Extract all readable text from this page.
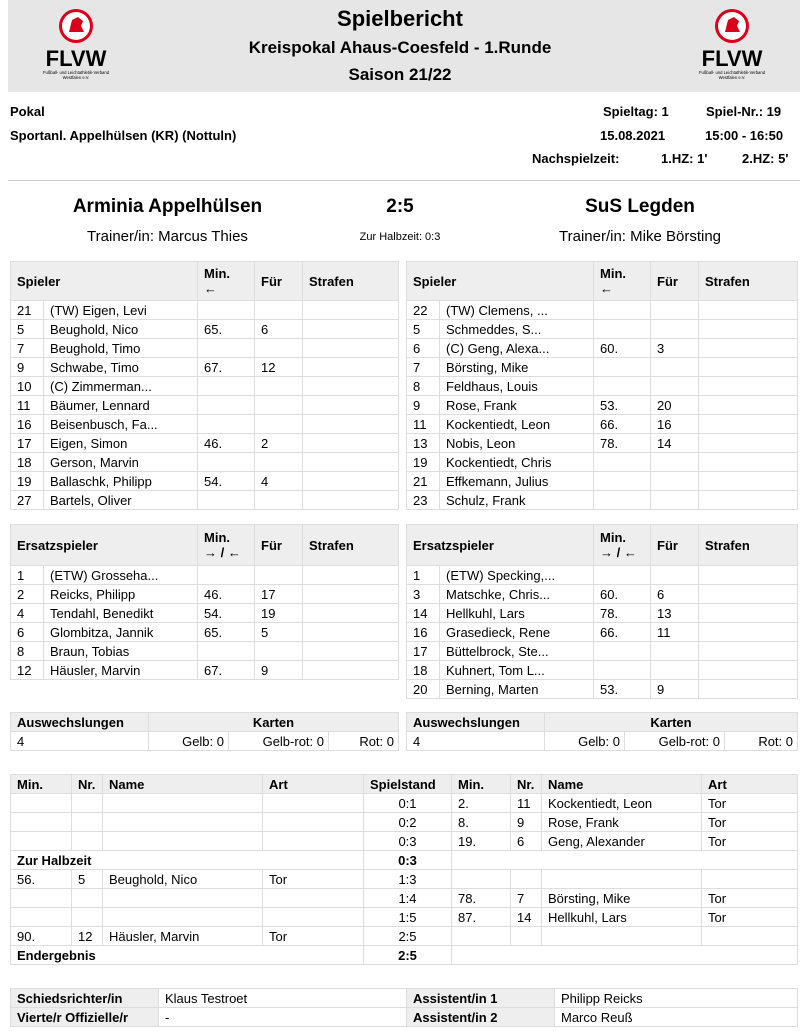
FLVW
Fußball- und Leichtathletik-Verband
Westfalen e.V.
FLVW
Fußball- und Leichtathletik-Verband
Westfalen e.V.
Spielbericht
Kreispokal Ahaus-Coesfeld - 1.Runde
Saison 21/22
Pokal
Sportanl. Appelhülsen (KR) (Nottuln)
Spieltag: 1	Spiel-Nr.: 19
15.08.2021	15:00 - 16:50
Nachspielzeit:	1.HZ: 1'	2.HZ: 5'
Arminia Appelhülsen	2:5	SuS Legden
Trainer/in: Marcus Thies	Zur Halbzeit: 0:3	Trainer/in: Mike Börsting
Spieler		Min.
←	Für	Strafen
21	(TW) Eigen, Levi			
5	Beughold, Nico	65.	6	
7	Beughold, Timo			
9	Schwabe, Timo	67.	12	
10	(C) Zimmerman...			
11	Bäumer, Lennard			
16	Beisenbusch, Fa...			
17	Eigen, Simon	46.	2	
18	Gerson, Marvin			
19	Ballaschk, Philipp	54.	4	
27	Bartels, Oliver			
Spieler		Min.
←	Für	Strafen
22	(TW) Clemens, ...			
5	Schmeddes, S...			
6	(C) Geng, Alexa...	60.	3	
7	Börsting, Mike			
8	Feldhaus, Louis			
9	Rose, Frank	53.	20	
11	Kockentiedt, Leon	66.	16	
13	Nobis, Leon	78.	14	
19	Kockentiedt, Chris			
21	Effkemann, Julius			
23	Schulz, Frank			
Ersatzspieler		Min.
→ / ←	Für	Strafen
1	(ETW) Grosseha...			
2	Reicks, Philipp	46.	17	
4	Tendahl, Benedikt	54.	19	
6	Glombitza, Jannik	65.	5	
8	Braun, Tobias			
12	Häusler, Marvin	67.	9	
Ersatzspieler		Min.
→ / ←	Für	Strafen
1	(ETW) Specking,...			
3	Matschke, Chris...	60.	6	
14	Hellkuhl, Lars	78.	13	
16	Grasedieck, Rene	66.	11	
17	Büttelbrock, Ste...			
18	Kuhnert, Tom L...			
20	Berning, Marten	53.	9	
Auswechslungen	Karten		
4	Gelb: 0	Gelb-rot: 0	Rot: 0
Auswechslungen	Karten		
4	Gelb: 0	Gelb-rot: 0	Rot: 0
Min.	Nr.	Name	Art	Spielstand	Min.	Nr.	Name	Art
				0:1	2.	11	Kockentiedt, Leon	Tor
				0:2	8.	9	Rose, Frank	Tor
				0:3	19.	6	Geng, Alexander	Tor
Zur Halbzeit				0:3				
56.	5	Beughold, Nico	Tor	1:3				
				1:4	78.	7	Börsting, Mike	Tor
				1:5	87.	14	Hellkuhl, Lars	Tor
90.	12	Häusler, Marvin	Tor	2:5				
Endergebnis				2:5				
Schiedsrichter/in	Klaus Testroet	Assistent/in 1	Philipp Reicks
Vierte/r Offizielle/r	-	Assistent/in 2	Marco Reuß
